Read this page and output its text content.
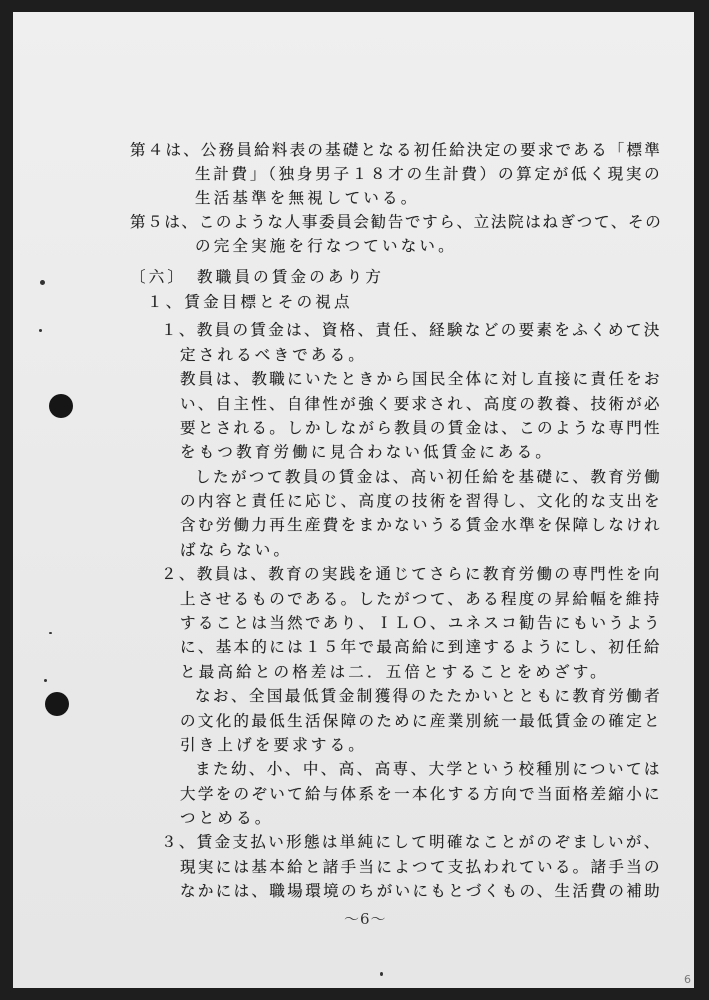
第４は、公務員給料表の基礎となる初任給決定の要求である「標準
生計費」（独身男子１８才の生計費）の算定が低く現実の
生活基準を無視している。
第５は、このような人事委員会勧告ですら、立法院はねぎつて、その
の完全実施を行なつていない。
〔六〕　教職員の賃金のあり方
１、賃金目標とその視点
１、教員の賃金は、資格、責任、経験などの要素をふくめて決
定されるべきである。
教員は、教職にいたときから国民全体に対し直接に責任をお
い、自主性、自律性が強く要求され、高度の教養、技術が必
要とされる。しかしながら教員の賃金は、このような専門性
をもつ教育労働に見合わない低賃金にある。
したがつて教員の賃金は、高い初任給を基礎に、教育労働
の内容と責任に応じ、高度の技術を習得し、文化的な支出を
含む労働力再生産費をまかないうる賃金水準を保障しなけれ
ばならない。
２、教員は、教育の実践を通じてさらに教育労働の専門性を向
上させるものである。したがつて、ある程度の昇給幅を維持
することは当然であり、ＩＬＯ、ユネスコ勧告にもいうよう
に、基本的には１５年で最高給に到達するようにし、初任給
と最高給との格差は二．五倍とすることをめざす。
なお、全国最低賃金制獲得のたたかいとともに教育労働者
の文化的最低生活保障のために産業別統一最低賃金の確定と
引き上げを要求する。
また幼、小、中、高、高専、大学という校種別については
大学をのぞいて給与体系を一本化する方向で当面格差縮小に
つとめる。
３、賃金支払い形態は単純にして明確なことがのぞましいが、
現実には基本給と諸手当によつて支払われている。諸手当の
なかには、職場環境のちがいにもとづくもの、生活費の補助
〜6〜
6
